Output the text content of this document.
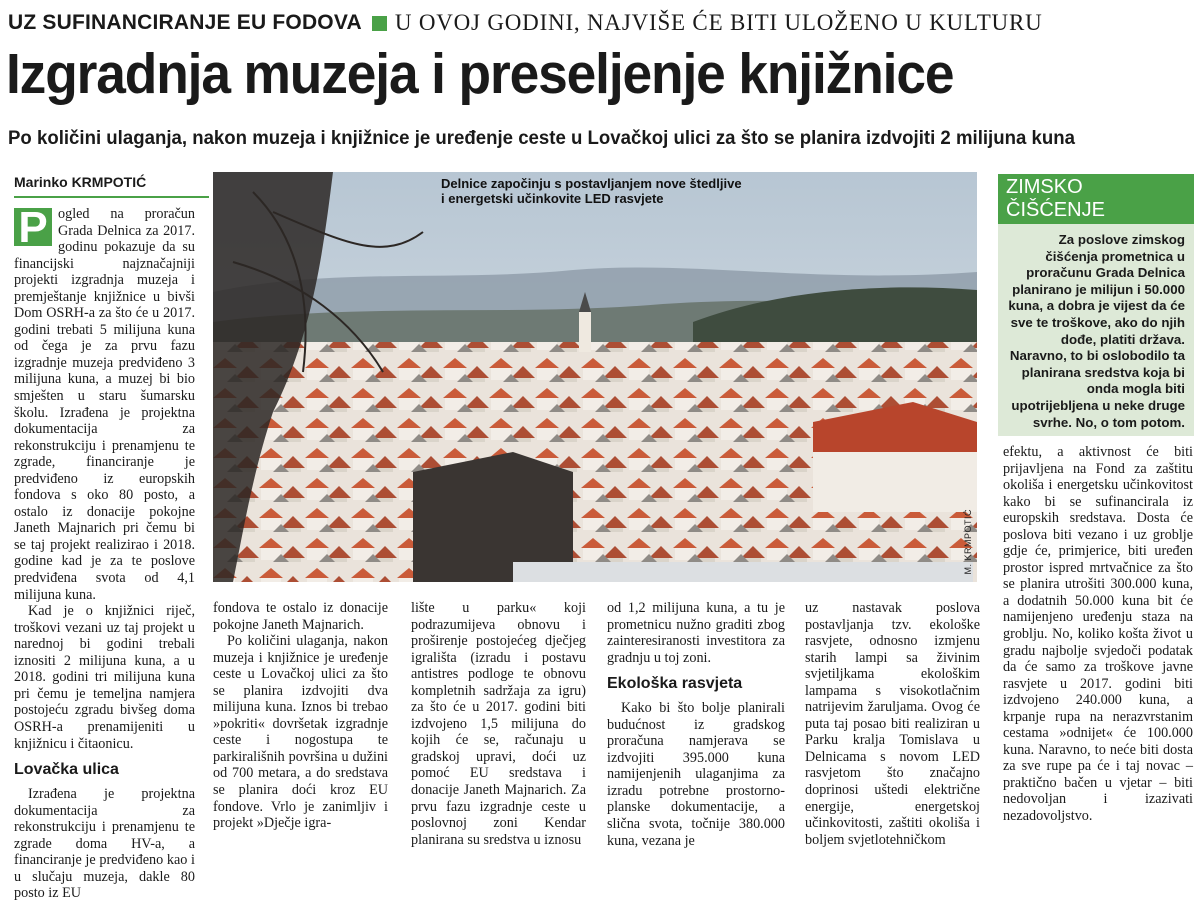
UZ SUFINANCIRANJE EU FODOVA U OVOJ GODINI, NAJVIŠE ĆE BITI ULOŽENO U KULTURU
Izgradnja muzeja i preseljenje knjižnice
Po količini ulaganja, nakon muzeja i knjižnice je uređenje ceste u Lovačkoj ulici za što se planira izdvojiti 2 milijuna kuna
Marinko KRMPOTIĆ
P ogled na proračun Grada Delnica za 2017. godinu pokazuje da su financijski najznačajniji projekti izgradnja muzeja i premještanje knjižnice u bivši Dom OSRH-a za što će u 2017. godini trebati 5 milijuna kuna od čega je za prvu fazu izgradnje muzeja predviđeno 3 milijuna kuna, a muzej bi bio smješten u staru šumarsku školu. Izrađena je projektna dokumentacija za rekonstrukciju i prenamjenu te zgrade, financiranje je predviđeno iz europskih fondova s oko 80 posto, a ostalo iz donacije pokojne Janeth Majnarich pri čemu bi se taj projekt realizirao i 2018. godine kad je za te poslove predviđena svota od 4,1 milijuna kuna.

Kad je o knjižnici riječ, troškovi vezani uz taj projekt u narednoj bi godini trebali iznositi 2 milijuna kuna, a u 2018. godini tri milijuna kuna pri čemu je temeljna namjera postojeću zgradu bivšeg doma OSRH-a prenamijeniti u knjižnicu i čitaonicu.

Lovačka ulica

Izrađena je projektna dokumentacija za rekonstrukciju i prenamjenu te zgrade doma HV-a, a financiranje je predviđeno kao i u slučaju muzeja, dakle 80 posto iz EU

Delnice započinju s postavljanjem nove štedljive
i energetski učinkovite LED rasvjete
M. KRMPOTIĆ
ZIMSKO
ČIŠĆENJE

Za poslove zimskog čišćenja prometnica u proračunu Grada Delnica planirano je milijun i 50.000 kuna, a dobra je vijest da će sve te troškove, ako do njih dođe, platiti država. Naravno, to bi oslobodilo ta planirana sredstva koja bi onda mogla biti upotrijebljena u neke druge svrhe. No, o tom potom.

fondova te ostalo iz donacije pokojne Janeth Majnarich.

Po količini ulaganja, nakon muzeja i knjižnice je uređenje ceste u Lovačkoj ulici za što se planira izdvojiti dva milijuna kuna. Iznos bi trebao »pokriti« dovršetak izgradnje ceste i nogostupa te parkirališnih površina u dužini od 700 metara, a do sredstava se planira doći kroz EU fondove. Vrlo je zanimljiv i projekt »Dječje igra-

lište u parku« koji podrazumijeva obnovu i proširenje postojećeg dječjeg igrališta (izradu i postavu antistres podloge te obnovu kompletnih sadržaja za igru) za što će u 2017. godini biti izdvojeno 1,5 milijuna do kojih će se, računaju u gradskoj upravi, doći uz pomoć EU sredstava i donacije Janeth Majnarich. Za prvu fazu izgradnje ceste u poslovnoj zoni Kendar planirana su sredstva u iznosu

od 1,2 milijuna kuna, a tu je prometnicu nužno graditi zbog zainteresiranosti investitora za gradnju u toj zoni.

Ekološka rasvjeta

Kako bi što bolje planirali budućnost iz gradskog proračuna namjerava se izdvojiti 395.000 kuna namijenjenih ulaganjima za izradu potrebne prostorno-planske dokumentacije, a slična svota, točnije 380.000 kuna, vezana je

uz nastavak poslova postavljanja tzv. ekološke rasvjete, odnosno izmjenu starih lampi sa živinim svjetiljkama ekološkim lampama s visokotlačnim natrijevim žaruljama. Ovog će puta taj posao biti realiziran u Parku kralja Tomislava u Delnicama s novom LED rasvjetom što značajno doprinosi uštedi električne energije, energetskoj učinkovitosti, zaštiti okoliša i boljem svjetlotehničkom

efektu, a aktivnost će biti prijavljena na Fond za zaštitu okoliša i energetsku učinkovitost kako bi se sufinancirala iz europskih sredstava. Dosta će poslova biti vezano i uz groblje gdje će, primjerice, biti uređen prostor ispred mrtvačnice za što se planira utrošiti 300.000 kuna, a dodatnih 50.000 kuna bit će namijenjeno uređenju staza na groblju. No, koliko košta život u gradu najbolje svjedoči podatak da će samo za troškove javne rasvjete u 2017. godini biti izdvojeno 240.000 kuna, a krpanje rupa na nerazvrstanim cestama »odnijet« će 100.000 kuna. Naravno, to neće biti dosta za sve rupe pa će i taj novac – praktično bačen u vjetar – biti nedovoljan i izazivati nezadovoljstvo.
